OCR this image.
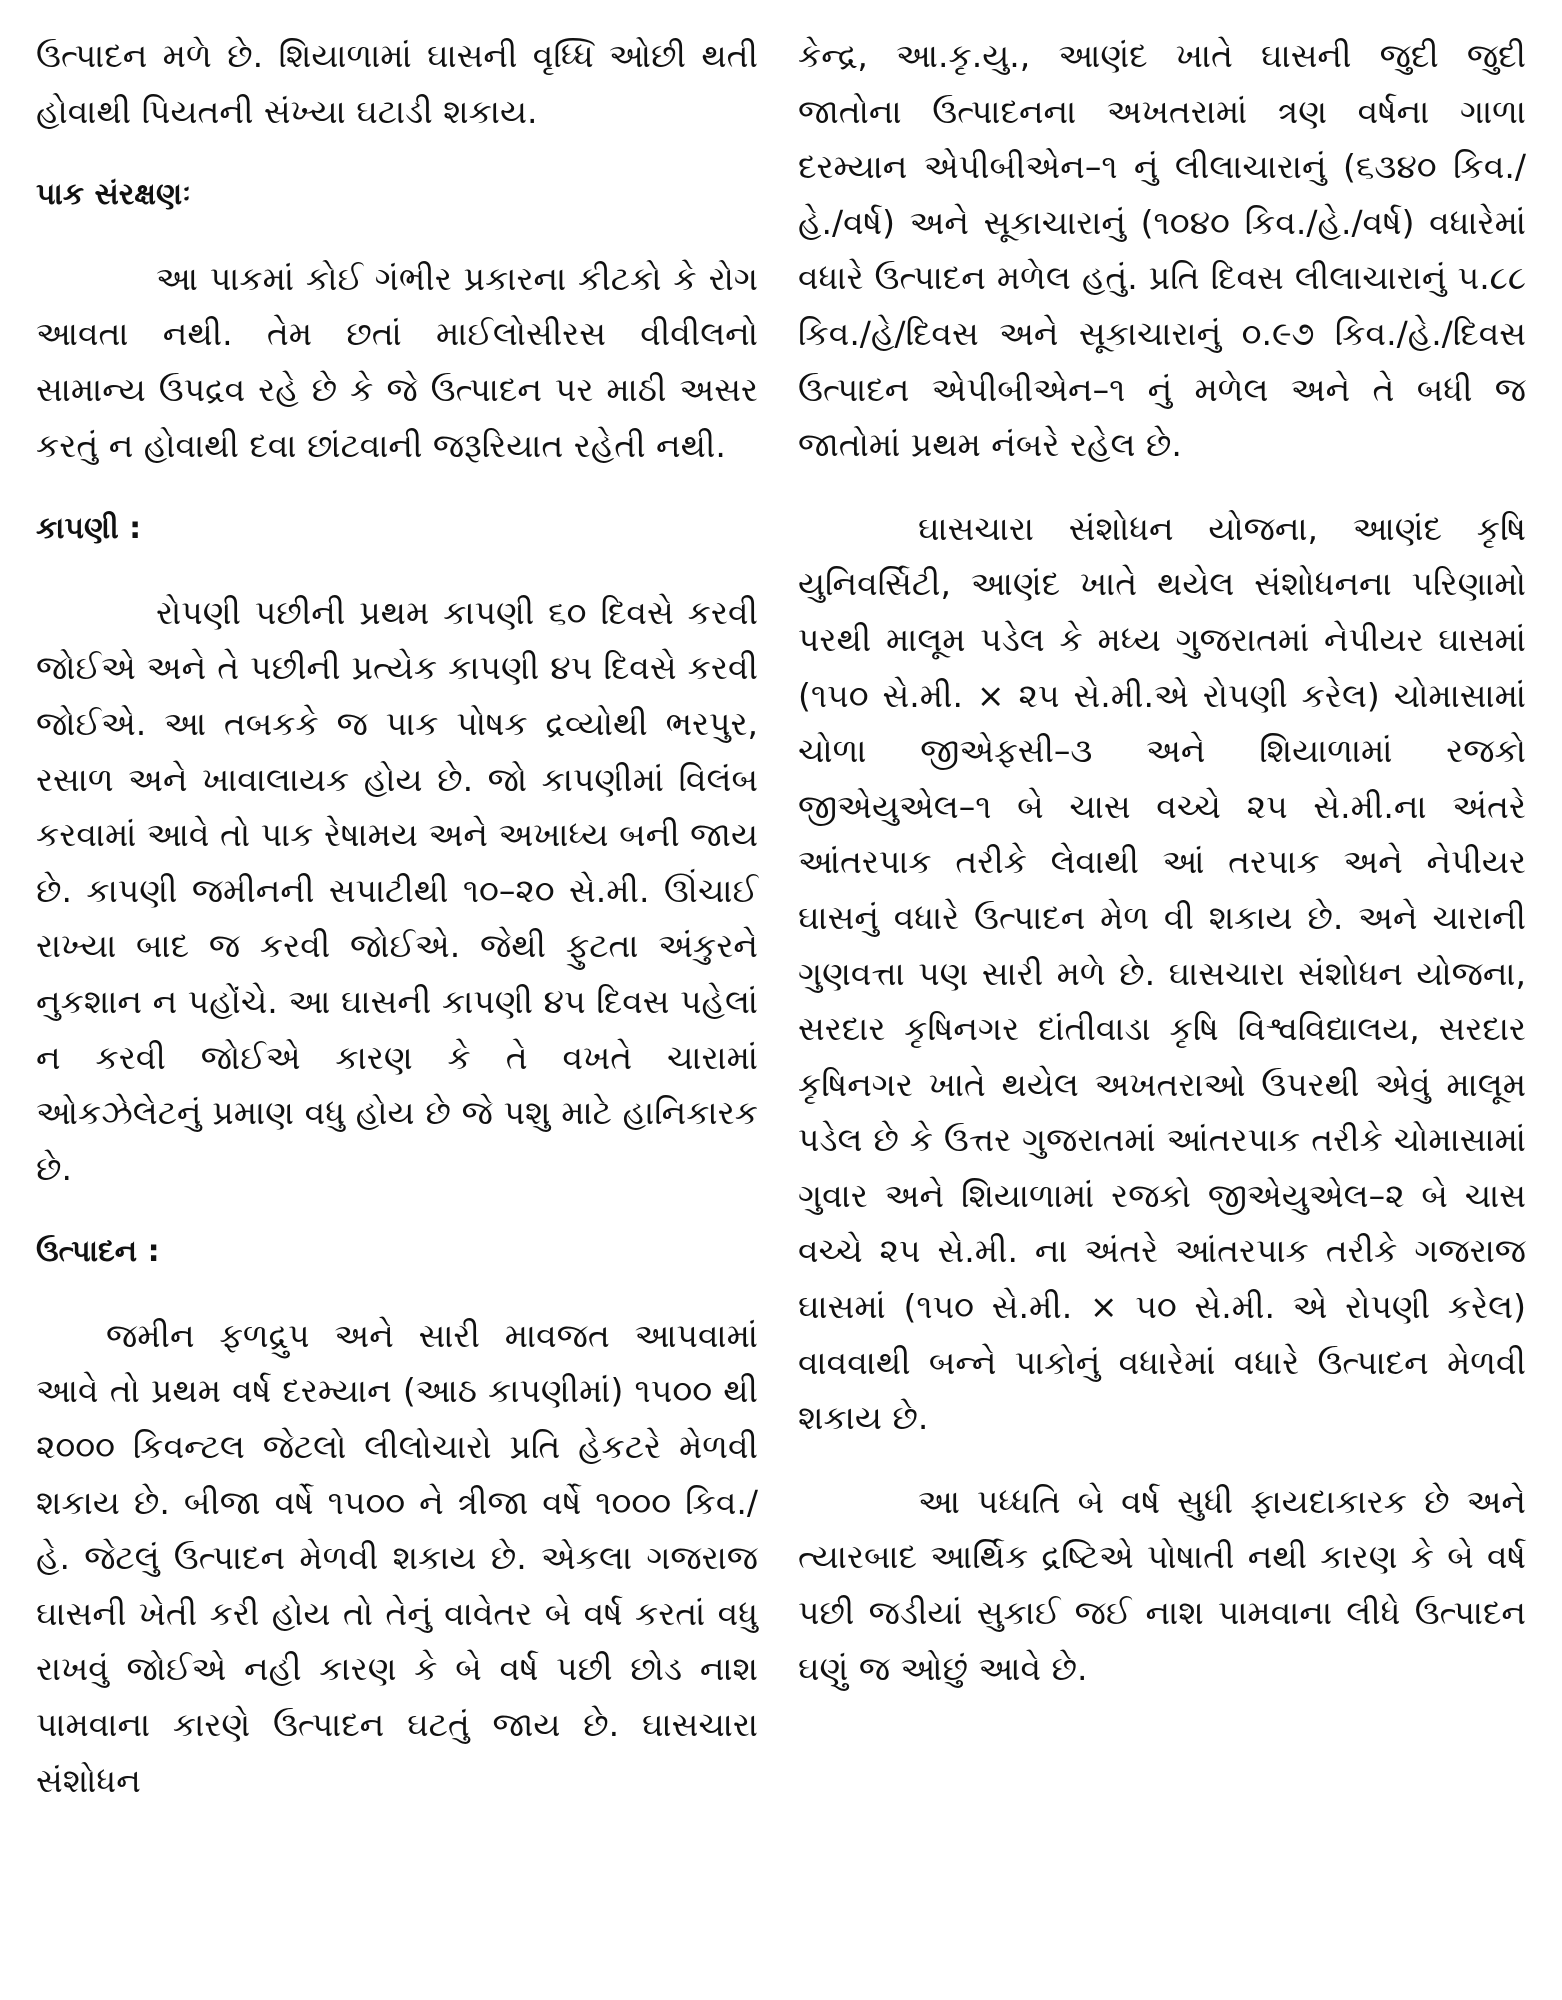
ઉત્પાદન મળે છે. શિયાળામાં ઘાસની વૃધ્ધિ ઓછી થતી હોવાથી પિયતની સંખ્યા ઘટાડી શકાય.

પાક સંરક્ષણઃ

આ પાકમાં કોઈ ગંભીર પ્રકારના કીટકો કે રોગ આવતા નથી. તેમ છતાં માઈલોસીરસ વીવીલનો સામાન્ય ઉપદ્રવ રહે છે કે જે ઉત્પાદન પર માઠી અસર કરતું ન હોવાથી દવા છાંટવાની જરૂરિયાત રહેતી નથી.

કાપણી :

રોપણી પછીની પ્રથમ કાપણી ૬૦ દિવસે કરવી જોઈએ અને તે પછીની પ્રત્યેક કાપણી ૪૫ દિવસે કરવી જોઈએ. આ તબકકે જ પાક પોષક દ્રવ્યોથી ભરપુર, રસાળ અને ખાવાલાયક હોય છે. જો કાપણીમાં વિલંબ કરવામાં આવે તો પાક રેષામય અને અખાધ્ય બની જાય છે. કાપણી જમીનની સપાટીથી ૧૦–૨૦ સે.મી. ઊંચાઈ રાખ્યા બાદ જ કરવી જોઈએ. જેથી ફુટતા અંકુરને નુકશાન ન પહોંચે. આ ઘાસની કાપણી ૪૫ દિવસ પહેલાં ન કરવી જોઈએ કારણ કે તે વખતે ચારામાં ઓકઝેલેટનું પ્રમાણ વધુ હોય છે જે પશુ માટે હાનિકારક છે.

ઉત્પાદન :

જમીન ફળદ્રુપ અને સારી માવજત આપવામાં આવે તો પ્રથમ વર્ષ દરમ્યાન (આઠ કાપણીમાં) ૧૫૦૦ થી ૨૦૦૦ કિવન્ટલ જેટલો લીલોચારો પ્રતિ હેકટરે મેળવી શકાય છે. બીજા વર્ષે ૧૫૦૦ ને ત્રીજા વર્ષે ૧૦૦૦ કિવ./ હે. જેટલું ઉત્પાદન મેળવી શકાય છે. એકલા ગજરાજ ઘાસની ખેતી કરી હોય તો તેનું વાવેતર બે વર્ષ કરતાં વધુ રાખવું જોઈએ નહી કારણ કે બે વર્ષ પછી છોડ નાશ પામવાના કારણે ઉત્પાદન ઘટતું જાય છે. ઘાસચારા સંશોધન

કેન્દ્ર, આ.કૃ.યુ., આણંદ ખાતે ઘાસની જુદી જુદી જાતોના ઉત્પાદનના અખતરામાં ત્રણ વર્ષના ગાળા દરમ્યાન એપીબીએન–૧ નું લીલાચારાનું (૬૩૪૦ કિવ./હે./વર્ષ) અને સૂકાચારાનું (૧૦૪૦ કિવ./હે./વર્ષ) વધારેમાં વધારે ઉત્પાદન મળેલ હતું. પ્રતિ દિવસ લીલાચારાનું ૫.૮૮ કિવ./હે/દિવસ અને સૂકાચારાનું ૦.૯૭ કિવ./હે./દિવસ ઉત્પાદન એપીબીએન–૧ નું મળેલ અને તે બધી જ જાતોમાં પ્રથમ નંબરે રહેલ છે.

ઘાસચારા સંશોધન યોજના, આણંદ કૃષિ યુનિવર્સિટી, આણંદ ખાતે થયેલ સંશોધનના પરિણામો પરથી માલૂમ પડેલ કે મધ્ય ગુજરાતમાં નેપીયર ઘાસમાં (૧૫૦ સે.મી. × ૨૫ સે.મી.એ રોપણી કરેલ) ચોમાસામાં ચોળા જીએફસી–૩ અને શિયાળામાં રજકો જીએયુએલ–૧ બે ચાસ વચ્ચે ૨૫ સે.મી.ના અંતરે આંતરપાક તરીકે લેવાથી આં તરપાક અને નેપીયર ઘાસનું વધારે ઉત્પાદન મેળ વી શકાય છે. અને ચારાની ગુણવત્તા પણ સારી મળે છે. ઘાસચારા સંશોધન યોજના, સરદાર કૃષિનગર દાંતીવાડા કૃષિ વિશ્વવિદ્યાલય, સરદાર કૃષિનગર ખાતે થયેલ અખતરાઓ ઉપરથી એવું માલૂમ પડેલ છે કે ઉત્તર ગુજરાતમાં આંતરપાક તરીકે ચોમાસામાં ગુવાર અને શિયાળામાં રજકો જીએયુએલ–૨ બે ચાસ વચ્ચે ૨૫ સે.મી. ના અંતરે આંતરપાક તરીકે ગજરાજ ઘાસમાં (૧૫૦ સે.મી. × ૫૦ સે.મી. એ રોપણી કરેલ) વાવવાથી બન્ને પાકોનું વધારેમાં વધારે ઉત્પાદન મેળવી શકાય છે.

આ પધ્ધતિ બે વર્ષ સુધી ફાયદાકારક છે અને ત્યારબાદ આર્થિક દ્રષ્ટિએ પોષાતી નથી કારણ કે બે વર્ષ પછી જડીયાં સુકાઈ જઈ નાશ પામવાના લીધે ઉત્પાદન ઘણું જ ઓછું આવે છે.
